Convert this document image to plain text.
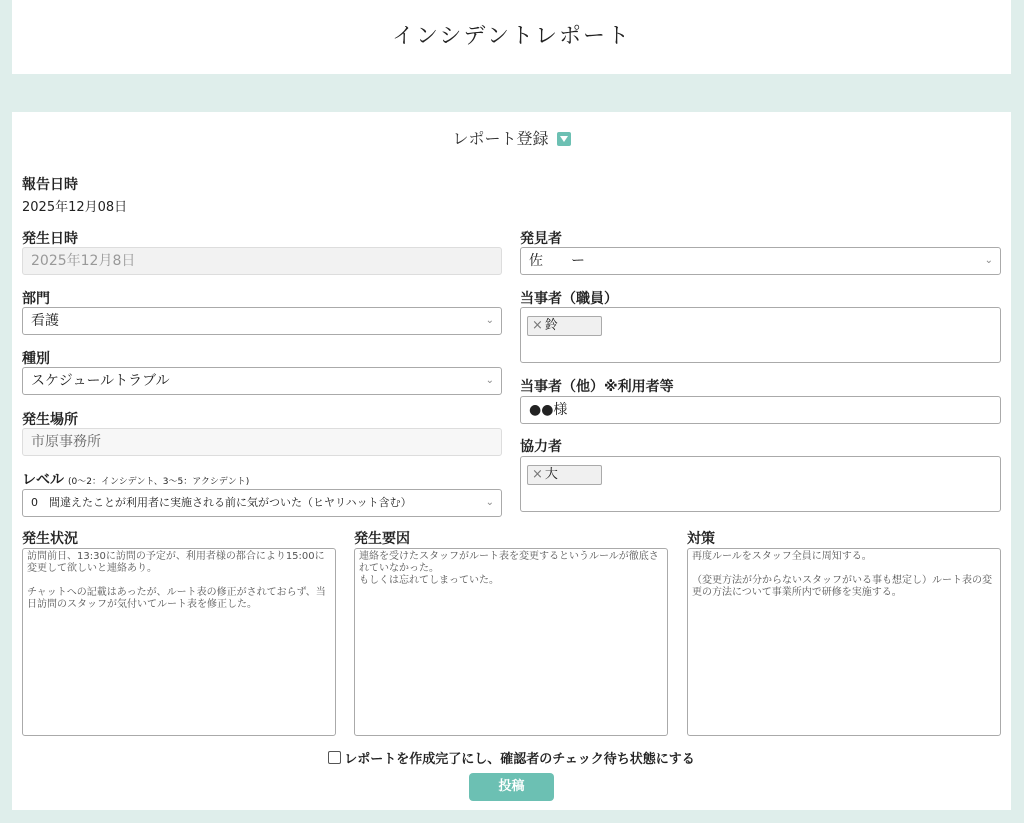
インシデントレポート
レポート登録
報告日時
2025年12月08日
発生日時
2025年12月8日
部門
看護	⌄
種別
スケジュールトラブル	⌄
発生場所
市原事務所
レベル (0〜2：インシデント、3〜5：アクシデント)
0　間違えたことが利用者に実施される前に気がついた（ヒヤリハット含む）	⌄
発見者
佐　　ー	⌄
当事者（職員）
× 鈴　　　
当事者（他）※利用者等
●●様
協力者
× 大　　　
発生状況
訪問前日、13:30に訪問の予定が、利用者様の都合により15:00に変更して欲しいと連絡あり。

チャットへの記載はあったが、ルート表の修正がされておらず、当日訪問のスタッフが気付いてルート表を修正した。
発生要因
連絡を受けたスタッフがルート表を変更するというルールが徹底されていなかった。
もしくは忘れてしまっていた。
対策
再度ルールをスタッフ全員に周知する。

（変更方法が分からないスタッフがいる事も想定し）ルート表の変更の方法について事業所内で研修を実施する。
レポートを作成完了にし、確認者のチェック待ち状態にする
投稿
